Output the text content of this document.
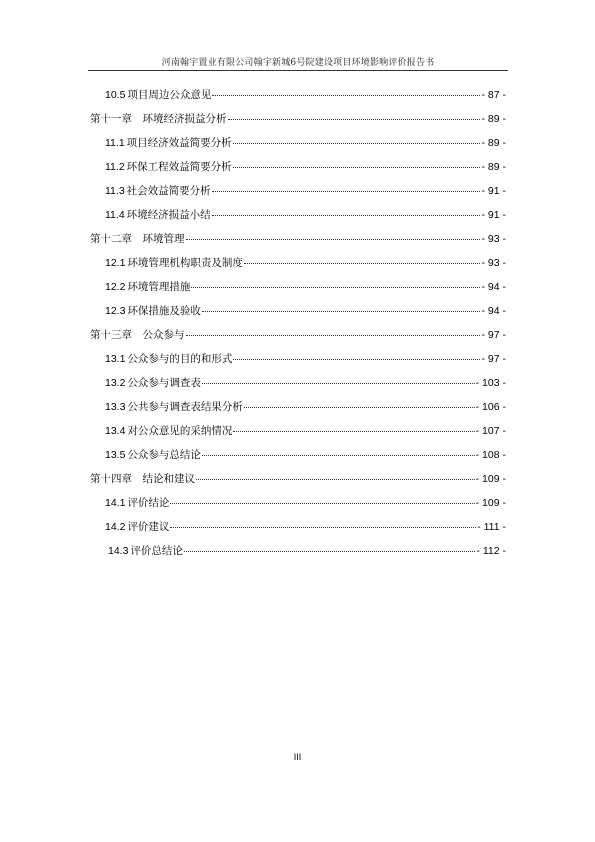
河南翰宇置业有限公司翰宇新城6号院建设项目环境影响评价报告书
10.5 项目周边公众意见	- 87 -
第十一章　环境经济损益分析	- 89 -
11.1 项目经济效益简要分析	- 89 -
11.2 环保工程效益简要分析	- 89 -
11.3 社会效益简要分析	- 91 -
11.4 环境经济损益小结	- 91 -
第十二章　环境管理	- 93 -
12.1 环境管理机构职责及制度	- 93 -
12.2 环境管理措施	- 94 -
12.3 环保措施及验收	- 94 -
第十三章　公众参与	- 97 -
13.1 公众参与的目的和形式	- 97 -
13.2 公众参与调查表	- 103 -
13.3 公共参与调查表结果分析	- 106 -
13.4 对公众意见的采纳情况	- 107 -
13.5 公众参与总结论	- 108 -
第十四章　结论和建议	- 109 -
14.1 评价结论	- 109 -
14.2 评价建议	- 111 -
14.3 评价总结论	- 112 -
III
